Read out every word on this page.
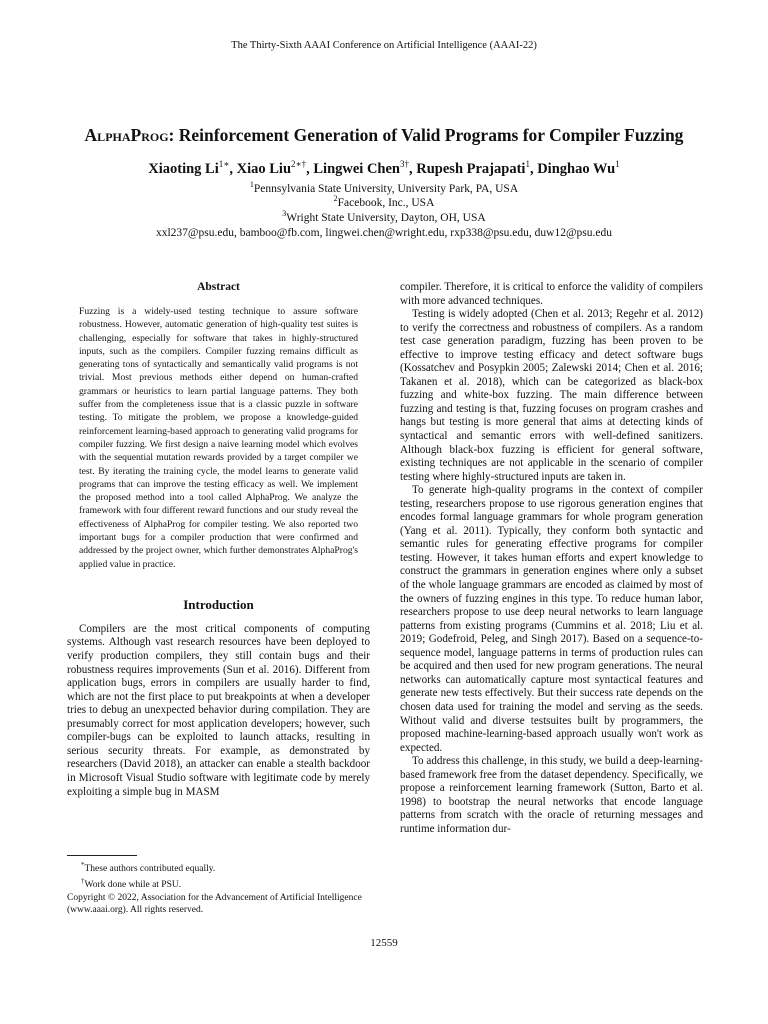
The Thirty-Sixth AAAI Conference on Artificial Intelligence (AAAI-22)
AlphaProg: Reinforcement Generation of Valid Programs for Compiler Fuzzing
Xiaoting $Li^{1∗}$, Xiao Liu$^{2∗\dagger}$, Lingwei Chen$^{3\dagger}$, Rupesh Prajapati$^1$, Dinghao Wu$^1$
$^1$Pennsylvania State University, University Park, PA, USA
$^2$Facebook, Inc., USA
$^3$Wright State University, Dayton, OH, USA
xxl237@psu.edu, bamboo@fb.com, lingwei.chen@wright.edu, rxp338@psu.edu, duw12@psu.edu
Abstract
Fuzzing is a widely-used testing technique to assure software robustness. However, automatic generation of high-quality test suites is challenging, especially for software that takes in highly-structured inputs, such as the compilers. Compiler fuzzing remains difficult as generating tons of syntactically and semantically valid programs is not trivial. Most previous methods either depend on human-crafted grammars or heuristics to learn partial language patterns. They both suffer from the completeness issue that is a classic puzzle in software testing. To mitigate the problem, we propose a knowledge-guided reinforcement learning-based approach to generating valid programs for compiler fuzzing. We first design a naive learning model which evolves with the sequential mutation rewards provided by a target compiler we test. By iterating the training cycle, the model learns to generate valid programs that can improve the testing efficacy as well. We implement the proposed method into a tool called AlphaProg. We analyze the framework with four different reward functions and our study reveal the effectiveness of AlphaProg for compiler testing. We also reported two important bugs for a compiler production that were confirmed and addressed by the project owner, which further demonstrates AlphaProg's applied value in practice.
Introduction

Compilers are the most critical components of computing systems. Although vast research resources have been deployed to verify production compilers, they still contain bugs and their robustness requires improvements (Sun et al. 2016). Different from application bugs, errors in compilers are usually harder to find, which are not the first place to put breakpoints at when a developer tries to debug an unexpected behavior during compilation. They are presumably correct for most application developers; however, such compiler-bugs can be exploited to launch attacks, resulting in serious security threats. For example, as demonstrated by researchers (David 2018), an attacker can enable a stealth backdoor in Microsoft Visual Studio software with legitimate code by merely exploiting a simple bug in MASM

*These authors contributed equally.
†Work done while at PSU.
Copyright © 2022, Association for the Advancement of Artificial Intelligence (www.aaai.org). All rights reserved.

compiler. Therefore, it is critical to enforce the validity of compilers with more advanced techniques.

Testing is widely adopted (Chen et al. 2013; Regehr et al. 2012) to verify the correctness and robustness of compilers. As a random test case generation paradigm, fuzzing has been proven to be effective to improve testing efficacy and detect software bugs (Kossatchev and Posypkin 2005; Zalewski 2014; Chen et al. 2016; Takanen et al. 2018), which can be categorized as black-box fuzzing and white-box fuzzing. The main difference between fuzzing and testing is that, fuzzing focuses on program crashes and hangs but testing is more general that aims at detecting kinds of syntactical and semantic errors with well-defined sanitizers. Although black-box fuzzing is efficient for general software, existing techniques are not applicable in the scenario of compiler testing where highly-structured inputs are taken in.

To generate high-quality programs in the context of compiler testing, researchers propose to use rigorous generation engines that encodes formal language grammars for whole program generation (Yang et al. 2011). Typically, they conform both syntactic and semantic rules for generating effective programs for compiler testing. However, it takes human efforts and expert knowledge to construct the grammars in generation engines where only a subset of the whole language grammars are encoded as claimed by most of the owners of fuzzing engines in this type. To reduce human labor, researchers propose to use deep neural networks to learn language patterns from existing programs (Cummins et al. 2018; Liu et al. 2019; Godefroid, Peleg, and Singh 2017). Based on a sequence-to-sequence model, language patterns in terms of production rules can be acquired and then used for new program generations. The neural networks can automatically capture most syntactical features and generate new tests effectively. But their success rate depends on the chosen data used for training the model and serving as the seeds. Without valid and diverse testsuites built by programmers, the proposed machine-learning-based approach usually won't work as expected.

To address this challenge, in this study, we build a deep-learning-based framework free from the dataset dependency. Specifically, we propose a reinforcement learning framework (Sutton, Barto et al. 1998) to bootstrap the neural networks that encode language patterns from scratch with the oracle of returning messages and runtime information dur-

12559
